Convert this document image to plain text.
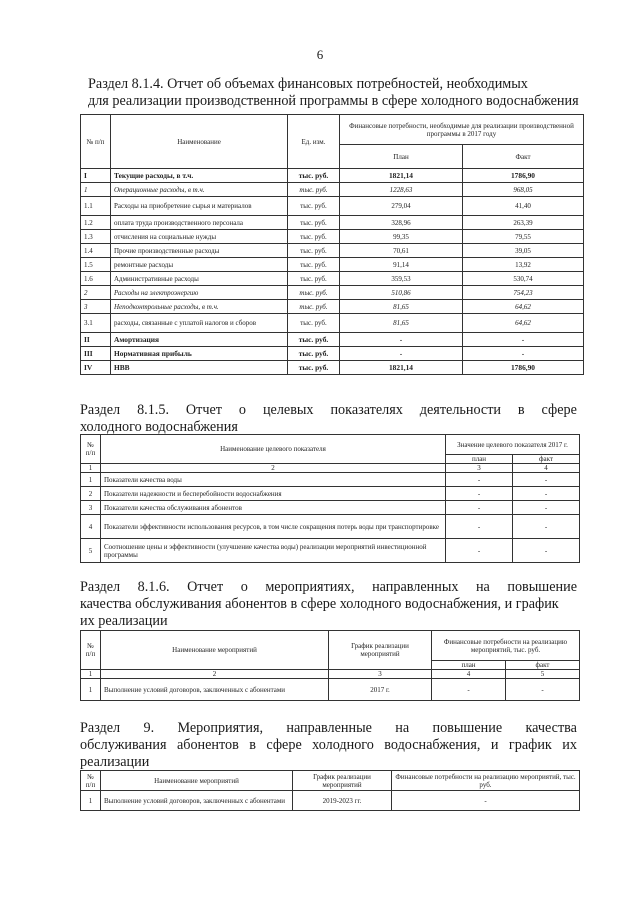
6
Раздел 8.1.4. Отчет об объемах финансовых потребностей, необходимых
для реализации производственной программы в сфере холодного водоснабжения
№ п/п	Наименование	Ед. изм.	Финансовые потребности, необходимые для реализации производственной программы в 2017 году	
			План	Факт
I	Текущие расходы, в т.ч.	тыс. руб.	1821,14	1786,90
1	Операционные расходы, в т.ч.	тыс. руб.	1228,63	968,05
1.1	Расходы на приобретение сырья и материалов	тыс. руб.	279,04	41,40
1.2	оплата труда производственного персонала	тыс. руб.	328,96	263,39
1.3	отчисления на социальные нужды	тыс. руб.	99,35	79,55
1.4	Прочие производственные расходы	тыс. руб.	70,61	39,05
1.5	ремонтные расходы	тыс. руб.	91,14	13,92
1.6	Административные расходы	тыс. руб.	359,53	530,74
2	Расходы на электроэнергию	тыс. руб.	510,86	754,23
3	Неподконтрольные расходы, в т.ч.	тыс. руб.	81,65	64,62
3.1	расходы, связанные с уплатой налогов и сборов	тыс. руб.	81,65	64,62
II	Амортизация	тыс. руб.	-	-
III	Нормативная прибыль	тыс. руб.	-	-
IV	НВВ	тыс. руб.	1821,14	1786,90
Раздел 8.1.5. Отчет о целевых показателях деятельности в сфере
холодного водоснабжения
№ п/п	Наименование целевого показателя	Значение целевого показателя 2017 г.	
		план	факт
1	2	3	4
1	Показатели качества воды	-	-
2	Показатели надежности и бесперебойности водоснабжения	-	-
3	Показатели качества обслуживания абонентов	-	-
4	Показатели эффективности использования ресурсов, в том числе сокращения потерь воды при транспортировке	-	-
5	Соотношение цены и эффективности (улучшение качества воды) реализации мероприятий инвестиционной программы	-	-
Раздел 8.1.6. Отчет о мероприятиях, направленных на повышение
качества обслуживания абонентов в сфере холодного водоснабжения, и график
их реализации
№ п/п	Наименование мероприятий	График реализации мероприятий	Финансовые потребности на реализацию мероприятий, тыс. руб.	
			план	факт
1	2	3	4	5
1	Выполнение условий договоров, заключенных с абонентами	2017 г.	-	-
Раздел 9. Мероприятия, направленные на повышение качества
обслуживания абонентов в сфере холодного водоснабжения, и график их
реализации
№ п/п	Наименование мероприятий	График реализации мероприятий	Финансовые потребности на реализацию мероприятий, тыс. руб.
1	Выполнение условий договоров, заключенных с абонентами	2019-2023 гг.	-
